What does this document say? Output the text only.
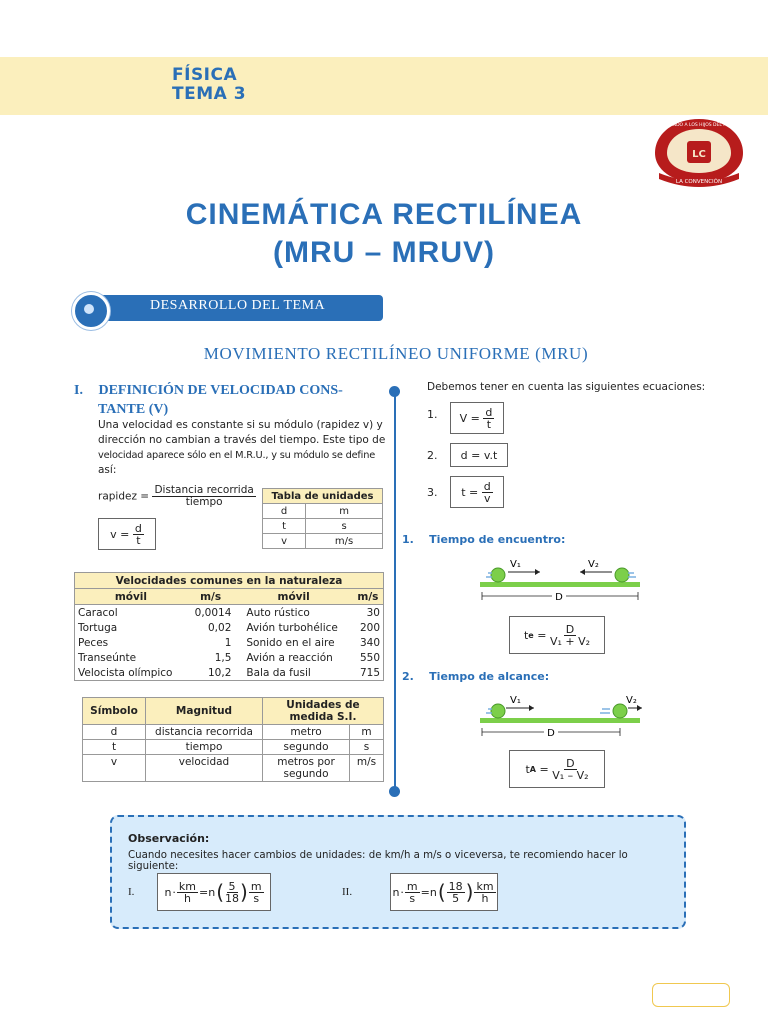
FÍSICA
TEMA 3
LC
LA CONVENCIÓN
EDUCANDO A LOS HIJOS DEL PUEBLO
CINEMÁTICA RECTILÍNEA
(MRU – MRUV)
DESARROLLO DEL TEMA
MOVIMIENTO RECTILÍNEO UNIFORME (MRU)
I. DEFINICIÓN DE VELOCIDAD CONS-
TANTE (V)
Una velocidad es constante si su módulo (rapidez v) y
dirección no cambian a través del tiempo. Este tipo de
velocidad aparece sólo en el M.R.U., y su módulo se define
así:
rapidez = $\frac{\text{Distancia recorrida}}{\text{tiempo}}$
v =
$\frac{d}{t}$
Tabla de unidades	
d	m
t	s
v	m/s
Velocidades comunes en la naturaleza			
móvil	m/s	móvil	m/s
Caracol	0,0014	Auto rústico	30
Tortuga	0,02	Avión turbohélice	200
Peces	1	Sonido en el aire	340
Transeúnte	1,5	Avión a reacción	550
Velocista olímpico	10,2	Bala da fusil	715
Símbolo	Magnitud	Unidades de medida S.I.	
d	distancia recorrida	metro	m
t	tiempo	segundo	s
v	velocidad	metros por segundo	m/s
Debemos tener en cuenta las siguientes ecuaciones:
1. V =
$\frac{d}{t}$
2.	d = v.t
3. t =
$\frac{d}{v}$
1. Tiempo de encuentro:
V₁	V₂
D
t $e = \frac{D}{\text{V₁ + V₂}}$
2. Tiempo de alcance:
V₁	V₂
D
t $A = \frac{D}{\text{V₁ – V₂}}$
Observación:
Cuando necesites hacer cambios de unidades: de km/h a m/s o viceversa, te recomiendo hacer lo siguiente:
I.	$n \cdot \frac{km}{h} =n$ ( $\frac{5}{18}$ ) $\frac{m}{s}$	II.	$n \cdot \frac{m}{s} =n$ ( $\frac{18}{5}$ ) $\frac{km}{h}$
